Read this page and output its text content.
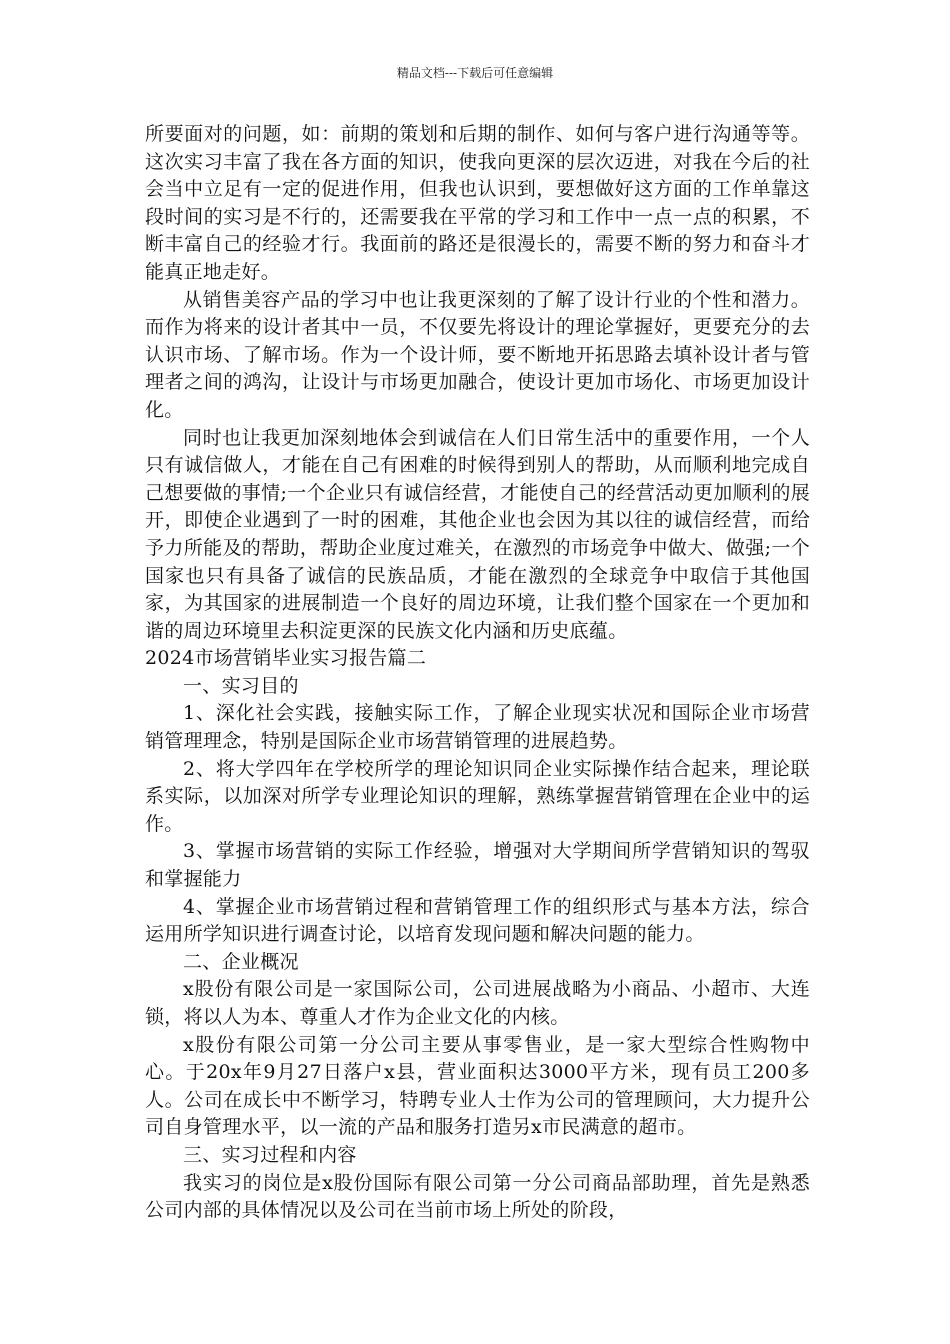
精品文档---下载后可任意编辑

所要面对的问题，如：前期的策划和后期的制作、如何与客户进行沟通等等。这次实习丰富了我在各方面的知识，使我向更深的层次迈进，对我在今后的社会当中立足有一定的促进作用，但我也认识到，要想做好这方面的工作单靠这段时间的实习是不行的，还需要我在平常的学习和工作中一点一点的积累，不断丰富自己的经验才行。我面前的路还是很漫长的，需要不断的努力和奋斗才能真正地走好。

从销售美容产品的学习中也让我更深刻的了解了设计行业的个性和潜力。而作为将来的设计者其中一员，不仅要先将设计的理论掌握好，更要充分的去认识市场、了解市场。作为一个设计师，要不断地开拓思路去填补设计者与管理者之间的鸿沟，让设计与市场更加融合，使设计更加市场化、市场更加设计化。

同时也让我更加深刻地体会到诚信在人们日常生活中的重要作用，一个人只有诚信做人，才能在自己有困难的时候得到别人的帮助，从而顺利地完成自己想要做的事情;一个企业只有诚信经营，才能使自己的经营活动更加顺利的展开，即使企业遇到了一时的困难，其他企业也会因为其以往的诚信经营，而给予力所能及的帮助，帮助企业度过难关，在激烈的市场竞争中做大、做强;一个国家也只有具备了诚信的民族品质，才能在激烈的全球竞争中取信于其他国家，为其国家的进展制造一个良好的周边环境，让我们整个国家在一个更加和谐的周边环境里去积淀更深的民族文化内涵和历史底蕴。

2024市场营销毕业实习报告篇二

一、实习目的

1、深化社会实践，接触实际工作，了解企业现实状况和国际企业市场营销管理理念，特别是国际企业市场营销管理的进展趋势。

2、将大学四年在学校所学的理论知识同企业实际操作结合起来，理论联系实际，以加深对所学专业理论知识的理解，熟练掌握营销管理在企业中的运作。

3、掌握市场营销的实际工作经验，增强对大学期间所学营销知识的驾驭和掌握能力

4、掌握企业市场营销过程和营销管理工作的组织形式与基本方法，综合运用所学知识进行调查讨论，以培育发现问题和解决问题的能力。

二、企业概况

x股份有限公司是一家国际公司，公司进展战略为小商品、小超市、大连锁，将以人为本、尊重人才作为企业文化的内核。

x股份有限公司第一分公司主要从事零售业，是一家大型综合性购物中心。于20x年9月27日落户x县，营业面积达3000平方米，现有员工200多人。公司在成长中不断学习，特聘专业人士作为公司的管理顾问，大力提升公司自身管理水平，以一流的产品和服务打造另x市民满意的超市。

三、实习过程和内容

我实习的岗位是x股份国际有限公司第一分公司商品部助理，首先是熟悉公司内部的具体情况以及公司在当前市场上所处的阶段，
